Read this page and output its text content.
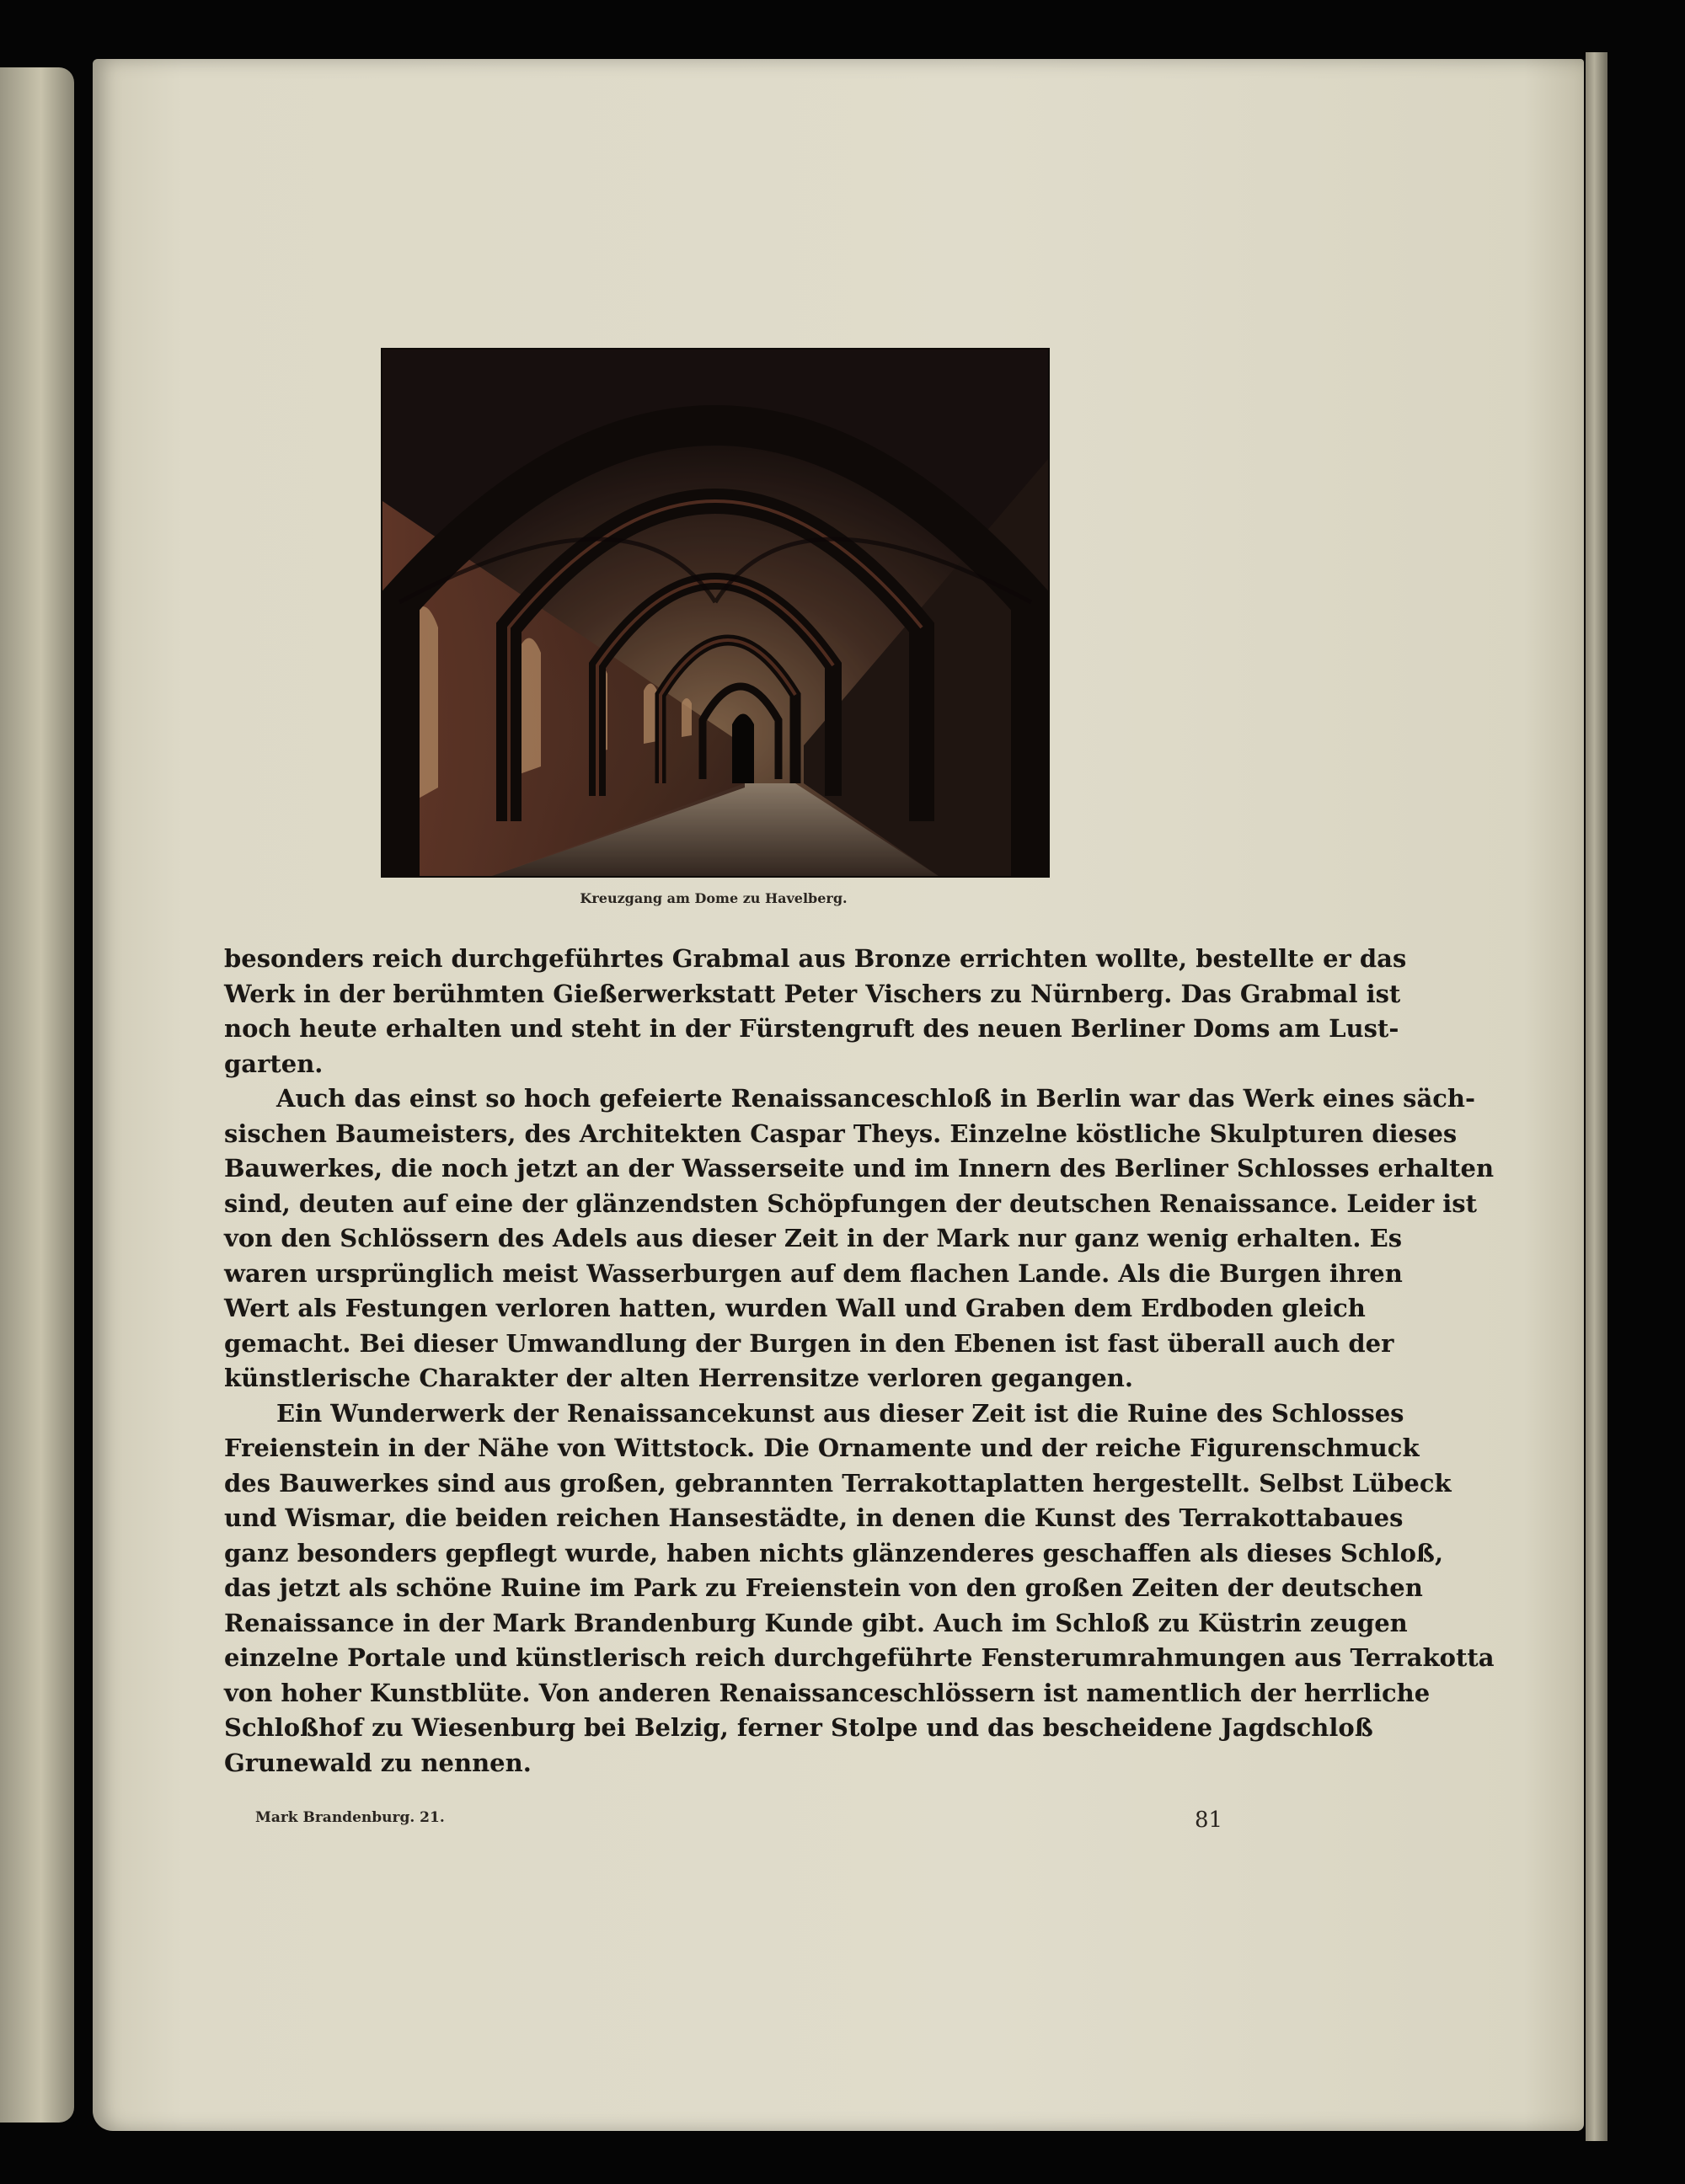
Kreuzgang am Dome zu Havelberg.
besonders reich durchgeführtes Grabmal aus Bronze errichten wollte, bestellte er das
Werk in der berühmten Gießerwerkstatt Peter Vischers zu Nürnberg. Das Grabmal ist
noch heute erhalten und steht in der Fürstengruft des neuen Berliner Doms am Lust-
garten.
Auch das einst so hoch gefeierte Renaissanceschloß in Berlin war das Werk eines säch-
sischen Baumeisters, des Architekten Caspar Theys. Einzelne köstliche Skulpturen dieses
Bauwerkes, die noch jetzt an der Wasserseite und im Innern des Berliner Schlosses erhalten
sind, deuten auf eine der glänzendsten Schöpfungen der deutschen Renaissance. Leider ist
von den Schlössern des Adels aus dieser Zeit in der Mark nur ganz wenig erhalten. Es
waren ursprünglich meist Wasserburgen auf dem flachen Lande. Als die Burgen ihren
Wert als Festungen verloren hatten, wurden Wall und Graben dem Erdboden gleich
gemacht. Bei dieser Umwandlung der Burgen in den Ebenen ist fast überall auch der
künstlerische Charakter der alten Herrensitze verloren gegangen.
Ein Wunderwerk der Renaissancekunst aus dieser Zeit ist die Ruine des Schlosses
Freienstein in der Nähe von Wittstock. Die Ornamente und der reiche Figurenschmuck
des Bauwerkes sind aus großen, gebrannten Terrakottaplatten hergestellt. Selbst Lübeck
und Wismar, die beiden reichen Hansestädte, in denen die Kunst des Terrakottabaues
ganz besonders gepflegt wurde, haben nichts glänzenderes geschaffen als dieses Schloß,
das jetzt als schöne Ruine im Park zu Freienstein von den großen Zeiten der deutschen
Renaissance in der Mark Brandenburg Kunde gibt. Auch im Schloß zu Küstrin zeugen
einzelne Portale und künstlerisch reich durchgeführte Fensterumrahmungen aus Terrakotta
von hoher Kunstblüte. Von anderen Renaissanceschlössern ist namentlich der herrliche
Schloßhof zu Wiesenburg bei Belzig, ferner Stolpe und das bescheidene Jagdschloß
Grunewald zu nennen.
Mark Brandenburg. 21.	81
